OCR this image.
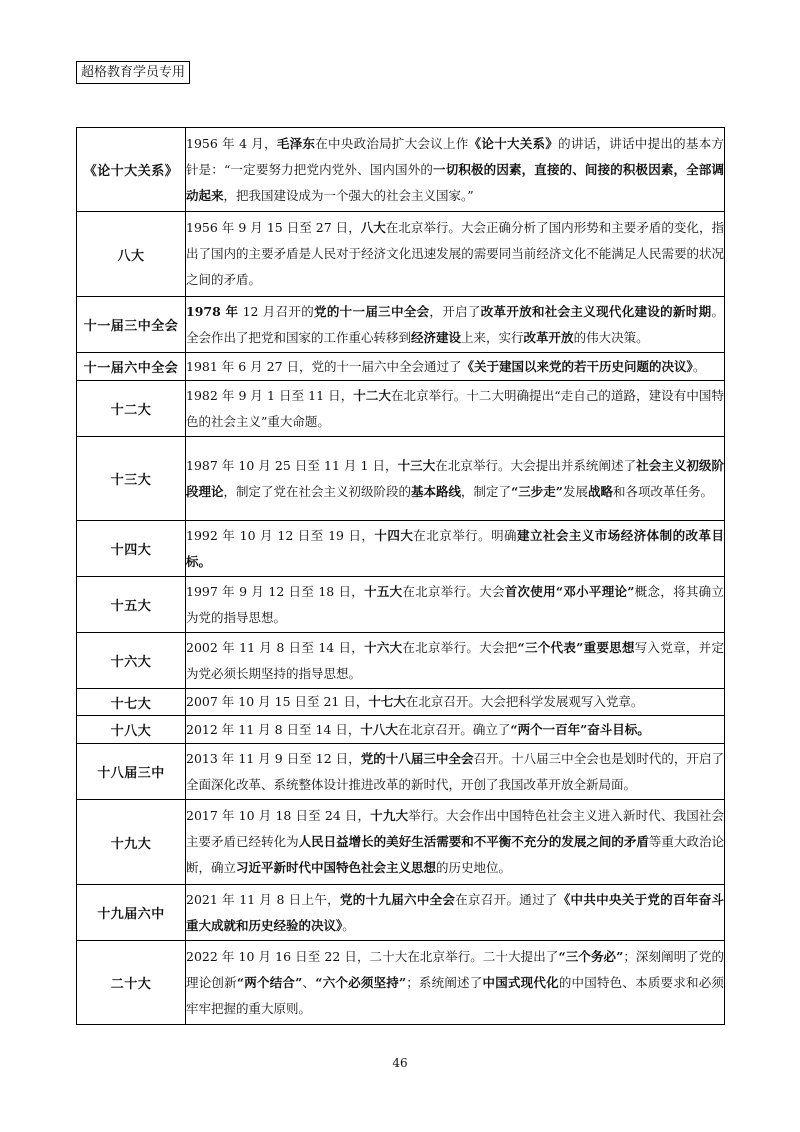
超格教育学员专用
《论十大关系》	1956 年 4 月，毛泽东在中央政治局扩大会议上作《论十大关系》的讲话，讲话中提出的基本方针是：“一定要努力把党内党外、国内国外的一切积极的因素，直接的、间接的积极因素，全部调动起来，把我国建设成为一个强大的社会主义国家。”
八大	1956 年 9 月 15 日至 27 日，八大在北京举行。大会正确分析了国内形势和主要矛盾的变化，指出了国内的主要矛盾是人民对于经济文化迅速发展的需要同当前经济文化不能满足人民需要的状况之间的矛盾。
十一届三中全会	1978 年 12 月召开的党的十一届三中全会，开启了改革开放和社会主义现代化建设的新时期。全会作出了把党和国家的工作重心转移到经济建设上来，实行改革开放的伟大决策。
十一届六中全会	1981 年 6 月 27 日，党的十一届六中全会通过了《关于建国以来党的若干历史问题的决议》。
十二大	1982 年 9 月 1 日至 11 日，十二大在北京举行。十二大明确提出“走自己的道路，建设有中国特色的社会主义”重大命题。
十三大	1987 年 10 月 25 日至 11 月 1 日，十三大在北京举行。大会提出并系统阐述了社会主义初级阶段理论，制定了党在社会主义初级阶段的基本路线，制定了“三步走”发展战略和各项改革任务。
十四大	1992 年 10 月 12 日至 19 日，十四大在北京举行。明确建立社会主义市场经济体制的改革目标。
十五大	1997 年 9 月 12 日至 18 日，十五大在北京举行。大会首次使用“邓小平理论”概念，将其确立为党的指导思想。
十六大	2002 年 11 月 8 日至 14 日，十六大在北京举行。大会把“三个代表”重要思想写入党章，并定为党必须长期坚持的指导思想。
十七大	2007 年 10 月 15 日至 21 日，十七大在北京召开。大会把科学发展观写入党章。
十八大	2012 年 11 月 8 日至 14 日，十八大在北京召开。确立了“两个一百年”奋斗目标。
十八届三中	2013 年 11 月 9 日至 12 日，党的十八届三中全会召开。十八届三中全会也是划时代的，开启了全面深化改革、系统整体设计推进改革的新时代，开创了我国改革开放全新局面。
十九大	2017 年 10 月 18 日至 24 日，十九大举行。大会作出中国特色社会主义进入新时代、我国社会主要矛盾已经转化为人民日益增长的美好生活需要和不平衡不充分的发展之间的矛盾等重大政治论断，确立习近平新时代中国特色社会主义思想的历史地位。
十九届六中	2021 年 11 月 8 日上午，党的十九届六中全会在京召开。通过了《中共中央关于党的百年奋斗重大成就和历史经验的决议》。
二十大	2022 年 10 月 16 日至 22 日，二十大在北京举行。二十大提出了“三个务必”；深刻阐明了党的理论创新“两个结合”、“六个必须坚持”；系统阐述了中国式现代化的中国特色、本质要求和必须牢牢把握的重大原则。
46
